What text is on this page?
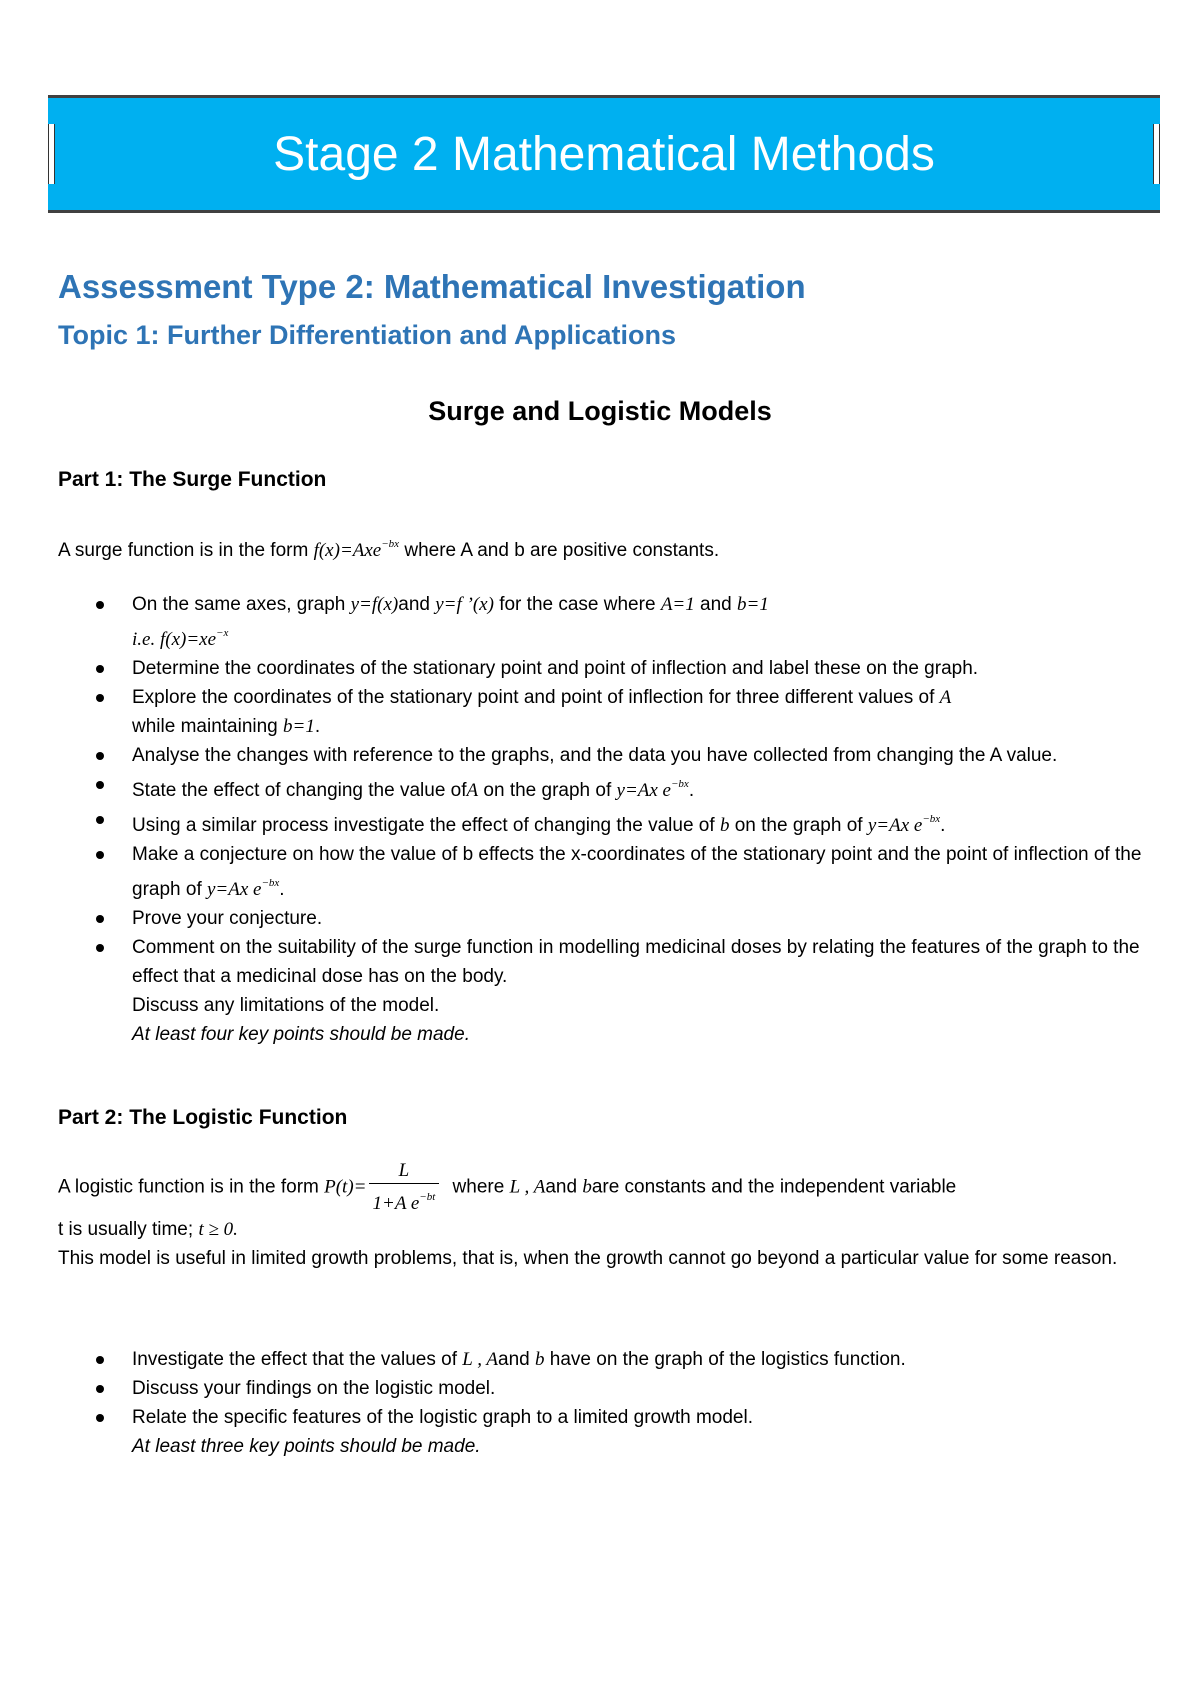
Stage 2 Mathematical Methods
Assessment Type 2: Mathematical Investigation
Topic 1: Further Differentiation and Applications
Surge and Logistic Models
Part 1: The Surge Function
A surge function is in the form f(x)=Axe$^{-bx}$ where A and b are positive constants.
On the same axes, graph y=f(x)and y=f ’(x) for the case where A=1 and b=1
i.e. $f(x)=xe^{-x}$
Determine the coordinates of the stationary point and point of inflection and label these on the graph.
Explore the coordinates of the stationary point and point of inflection for three different values of A
while maintaining b=1.
Analyse the changes with reference to the graphs, and the data you have collected from changing the A value.
State the effect of changing the value ofA on the graph of y=Ax $e^{-bx}$.
Using a similar process investigate the effect of changing the value of b on the graph of y=Ax $e^{-bx}$.
Make a conjecture on how the value of b effects the x-coordinates of the stationary point and the point of inflection of the graph of y=Ax $e^{-bx}$.
Prove your conjecture.
Comment on the suitability of the surge function in modelling medicinal doses by relating the features of the graph to the effect that a medicinal dose has on the body.
Discuss any limitations of the model.
At least four key points should be made.
Part 2: The Logistic Function
A logistic function is in the form $P(t)= \frac{L}{1+A e^{-bt}}$ where L , Aand bare constants and the independent variable
t is usually time; t ≥ 0.
This model is useful in limited growth problems, that is, when the growth cannot go beyond a particular value for some reason.
Investigate the effect that the values of L , Aand b have on the graph of the logistics function.
Discuss your findings on the logistic model.
Relate the specific features of the logistic graph to a limited growth model.
At least three key points should be made.
